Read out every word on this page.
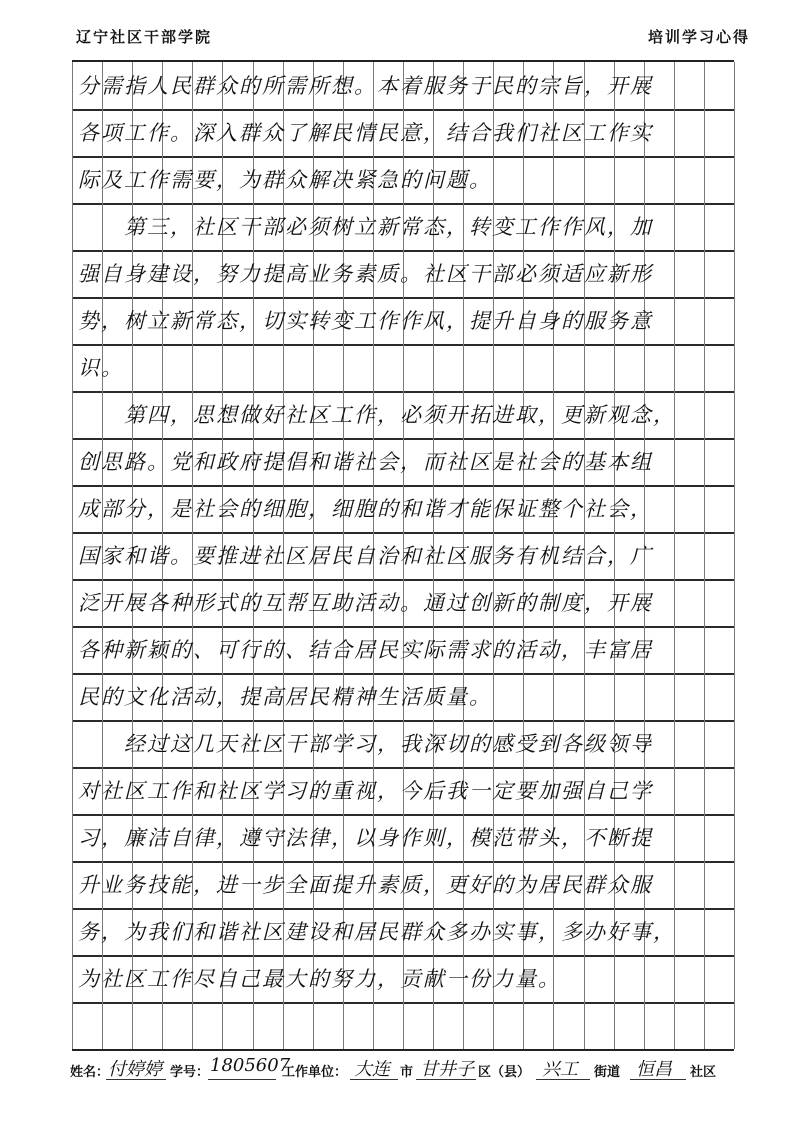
辽宁社区干部学院	培训学习心得
分需指人民群众的所需所想。本着服务于民的宗旨，开展
各项工作。深入群众了解民情民意，结合我们社区工作实
际及工作需要，为群众解决紧急的问题。
　　第三，社区干部必须树立新常态，转变工作作风，加
强自身建设，努力提高业务素质。社区干部必须适应新形
势，树立新常态，切实转变工作作风，提升自身的服务意
识。
　　第四，思想做好社区工作，必须开拓进取，更新观念，
创思路。党和政府提倡和谐社会，而社区是社会的基本组
成部分，是社会的细胞，细胞的和谐才能保证整个社会，
国家和谐。要推进社区居民自治和社区服务有机结合，广
泛开展各种形式的互帮互助活动。通过创新的制度，开展
各种新颖的、可行的、结合居民实际需求的活动，丰富居
民的文化活动，提高居民精神生活质量。
　　经过这几天社区干部学习，我深切的感受到各级领导
对社区工作和社区学习的重视，今后我一定要加强自己学
习，廉洁自律，遵守法律，以身作则，模范带头，不断提
升业务技能，进一步全面提升素质，更好的为居民群众服
务，为我们和谐社区建设和居民群众多办实事，多办好事，
为社区工作尽自己最大的努力，贡献一份力量。
姓名：
付婷婷 学号： 1805607
工作单位： 大连 市 甘井子 区（县） 兴工 街道 恒昌 社区
